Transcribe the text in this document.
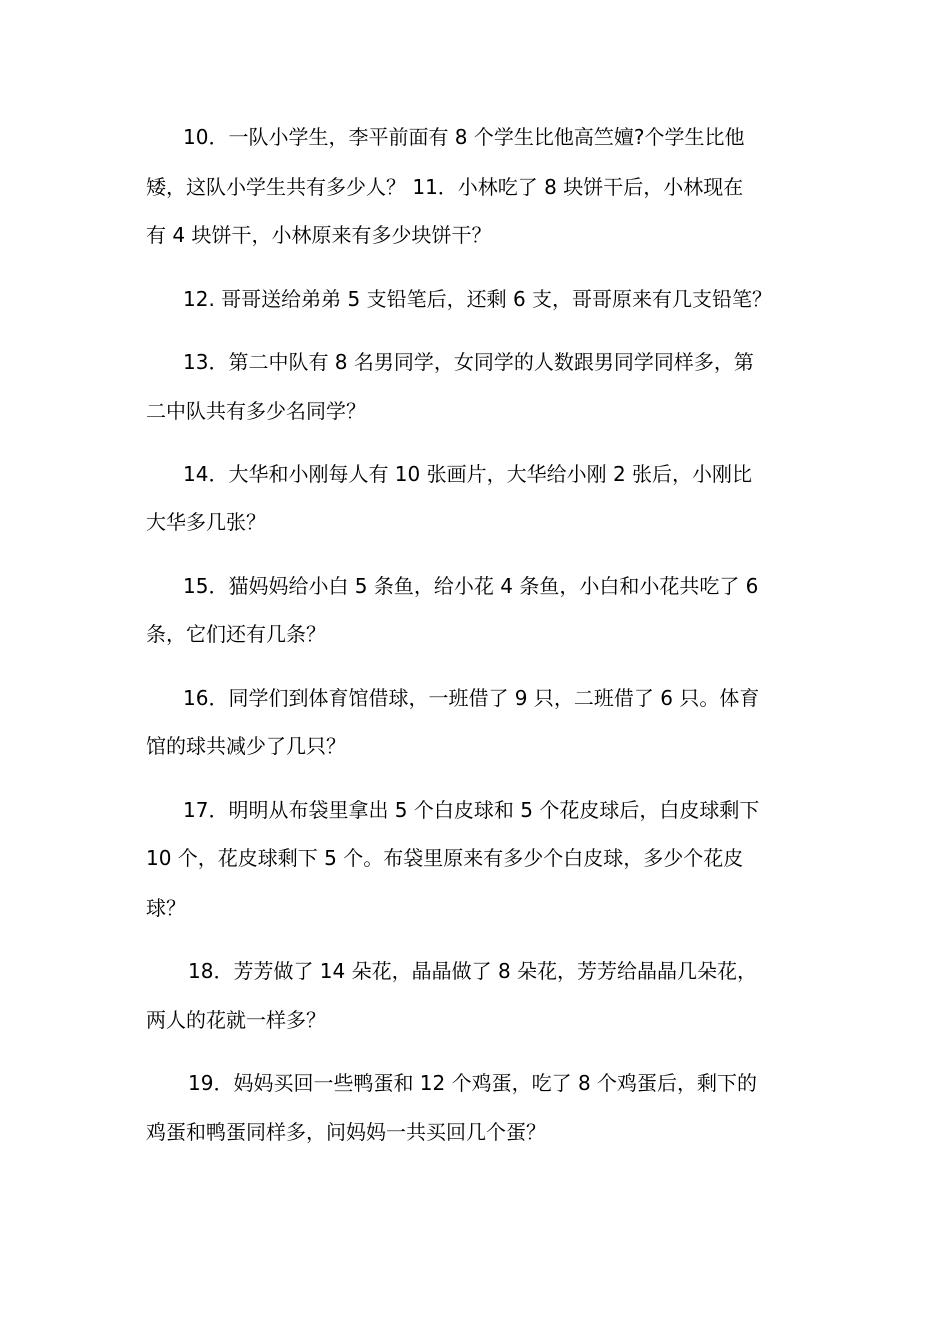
10．一队小学生，李平前面有 8 个学生比他高竺嬗?个学生比他
矮，这队小学生共有多少人？ 11．小林吃了 8 块饼干后，小林现在
有 4 块饼干，小林原来有多少块饼干？
12. 哥哥送给弟弟 5 支铅笔后，还剩 6 支，哥哥原来有几支铅笔？
13．第二中队有 8 名男同学，女同学的人数跟男同学同样多，第
二中队共有多少名同学？
14．大华和小刚每人有 10 张画片，大华给小刚 2 张后，小刚比
大华多几张？
15．猫妈妈给小白 5 条鱼，给小花 4 条鱼，小白和小花共吃了 6
条，它们还有几条？
16．同学们到体育馆借球，一班借了 9 只，二班借了 6 只。体育
馆的球共减少了几只？
17．明明从布袋里拿出 5 个白皮球和 5 个花皮球后，白皮球剩下
10 个，花皮球剩下 5 个。布袋里原来有多少个白皮球，多少个花皮
球？
18．芳芳做了 14 朵花，晶晶做了 8 朵花，芳芳给晶晶几朵花，
两人的花就一样多？
19．妈妈买回一些鸭蛋和 12 个鸡蛋，吃了 8 个鸡蛋后，剩下的
鸡蛋和鸭蛋同样多，问妈妈一共买回几个蛋？
